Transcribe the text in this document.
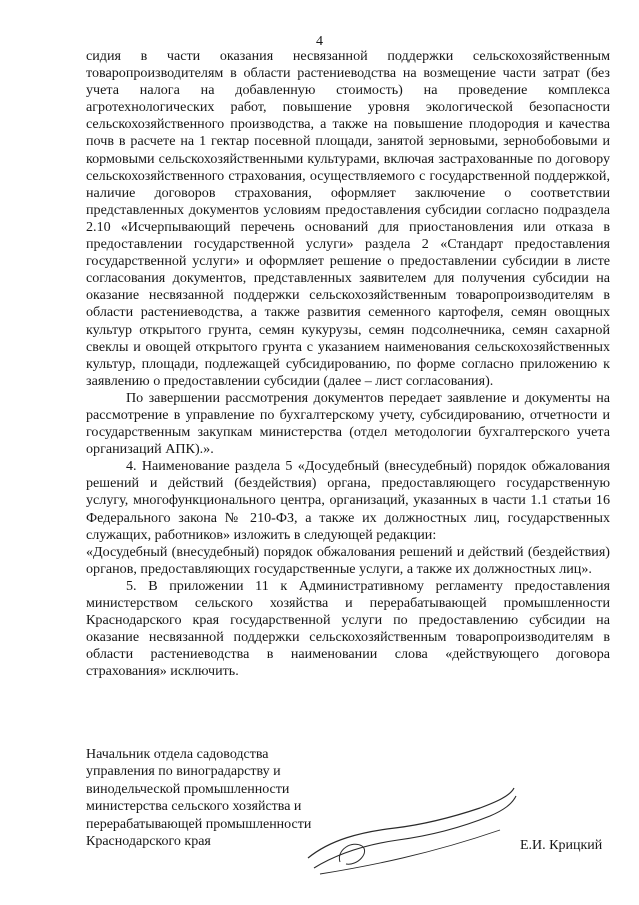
4

сидия в части оказания несвязанной поддержки сельскохозяйственным товаропроизводителям в области растениеводства на возмещение части затрат (без учета налога на добавленную стоимость) на проведение комплекса агротехнологических работ, повышение уровня экологической безопасности сельскохозяйственного производства, а также на повышение плодородия и качества почв в расчете на 1 гектар посевной площади, занятой зерновыми, зернобобовыми и кормовыми сельскохозяйственными культурами, включая застрахованные по договору сельскохозяйственного страхования, осуществляемого с государственной поддержкой, наличие договоров страхования, оформляет заключение о соответствии представленных документов условиям предоставления субсидии согласно подраздела 2.10 «Исчерпывающий перечень оснований для приостановления или отказа в предоставлении государственной услуги» раздела 2 «Стандарт предоставления государственной услуги» и оформляет решение о предоставлении субсидии в листе согласования документов, представленных заявителем для получения субсидии на оказание несвязанной поддержки сельскохозяйственным товаропроизводителям в области растениеводства, а также развития семенного картофеля, семян овощных культур открытого грунта, семян кукурузы, семян подсолнечника, семян сахарной свеклы и овощей открытого грунта с указанием наименования сельскохозяйственных культур, площади, подлежащей субсидированию, по форме согласно приложению к заявлению о предоставлении субсидии (далее – лист согласования).

По завершении рассмотрения документов передает заявление и документы на рассмотрение в управление по бухгалтерскому учету, субсидированию, отчетности и государственным закупкам министерства (отдел методологии бухгалтерского учета организаций АПК).».

4. Наименование раздела 5 «Досудебный (внесудебный) порядок обжалования решений и действий (бездействия) органа, предоставляющего государственную услугу, многофункционального центра, организаций, указанных в части 1.1 статьи 16 Федерального закона № 210-ФЗ, а также их должностных лиц, государственных служащих, работников» изложить в следующей редакции:

«Досудебный (внесудебный) порядок обжалования решений и действий (бездействия) органов, предоставляющих государственные услуги, а также их должностных лиц».

5. В приложении 11 к Административному регламенту предоставления министерством сельского хозяйства и перерабатывающей промышленности Краснодарского края государственной услуги по предоставлению субсидии на оказание несвязанной поддержки сельскохозяйственным товаропроизводителям в области растениеводства в наименовании слова «действующего договора страхования» исключить.

Начальник отдела садоводства
управления по виноградарству и
винодельческой промышленности
министерства сельского хозяйства и
перерабатывающей промышленности
Краснодарского края	Е.И. Крицкий
